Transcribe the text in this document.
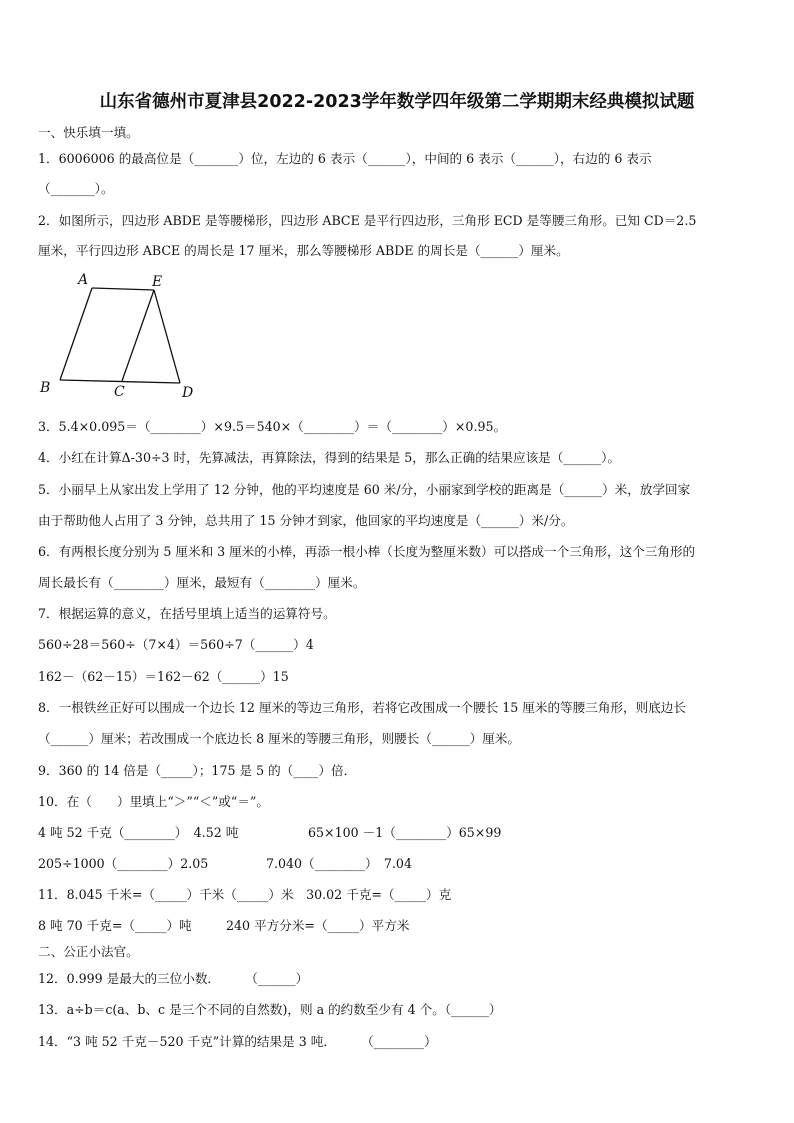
山东省德州市夏津县2022-2023学年数学四年级第二学期期末经典模拟试题
一、快乐填一填。
1．6006006 的最高位是（_______）位，左边的 6 表示（______），中间的 6 表示（______），右边的 6 表示
（_______）。
2．如图所示，四边形 ABDE 是等腰梯形，四边形 ABCE 是平行四边形，三角形 ECD 是等腰三角形。已知 CD＝2.5
厘米，平行四边形 ABCE 的周长是 17 厘米，那么等腰梯形 ABDE 的周长是（______）厘米。
A	E
B	C	D
3．5.4×0.095＝（________）×9.5＝540×（________）＝（________）×0.95。
4．小红在计算Δ-30÷3 时，先算减法，再算除法，得到的结果是 5，那么正确的结果应该是（______）。
5．小丽早上从家出发上学用了 12 分钟，他的平均速度是 60 米/分，小丽家到学校的距离是（______）米，放学回家
由于帮助他人占用了 3 分钟，总共用了 15 分钟才到家，他回家的平均速度是（______）米/分。
6．有两根长度分别为 5 厘米和 3 厘米的小棒，再添一根小棒（长度为整厘米数）可以搭成一个三角形，这个三角形的
周长最长有（________）厘米，最短有（________）厘米。
7．根据运算的意义，在括号里填上适当的运算符号。
560÷28＝560÷（7×4）＝560÷7（______）4
162－（62－15）＝162－62（______）15
8．一根铁丝正好可以围成一个边长 12 厘米的等边三角形，若将它改围成一个腰长 15 厘米的等腰三角形，则底边长
（______）厘米；若改围成一个底边长 8 厘米的等腰三角形，则腰长（______）厘米。
9．360 的 14 倍是（_____）；175 是 5 的（____）倍．
10．在（　　）里填上“＞”“＜”或“＝”。
4 吨 52 千克（________）　4.52 吨	65×100 －1（________）65×99
205÷1000（________）2.05	7.040（________）　7.04
11．8.045 千米=（_____）千米（_____）米　30.02 千克=（_____）克
8 吨 70 千克=（_____）吨	240 平方分米=（_____）平方米
二、公正小法官。
12．0.999 是最大的三位小数．　　　（______）
13．a÷b＝c(a、b、c 是三个不同的自然数)，则 a 的约数至少有 4 个。（______）
14．“3 吨 52 千克－520 千克”计算的结果是 3 吨．　　　（________）
